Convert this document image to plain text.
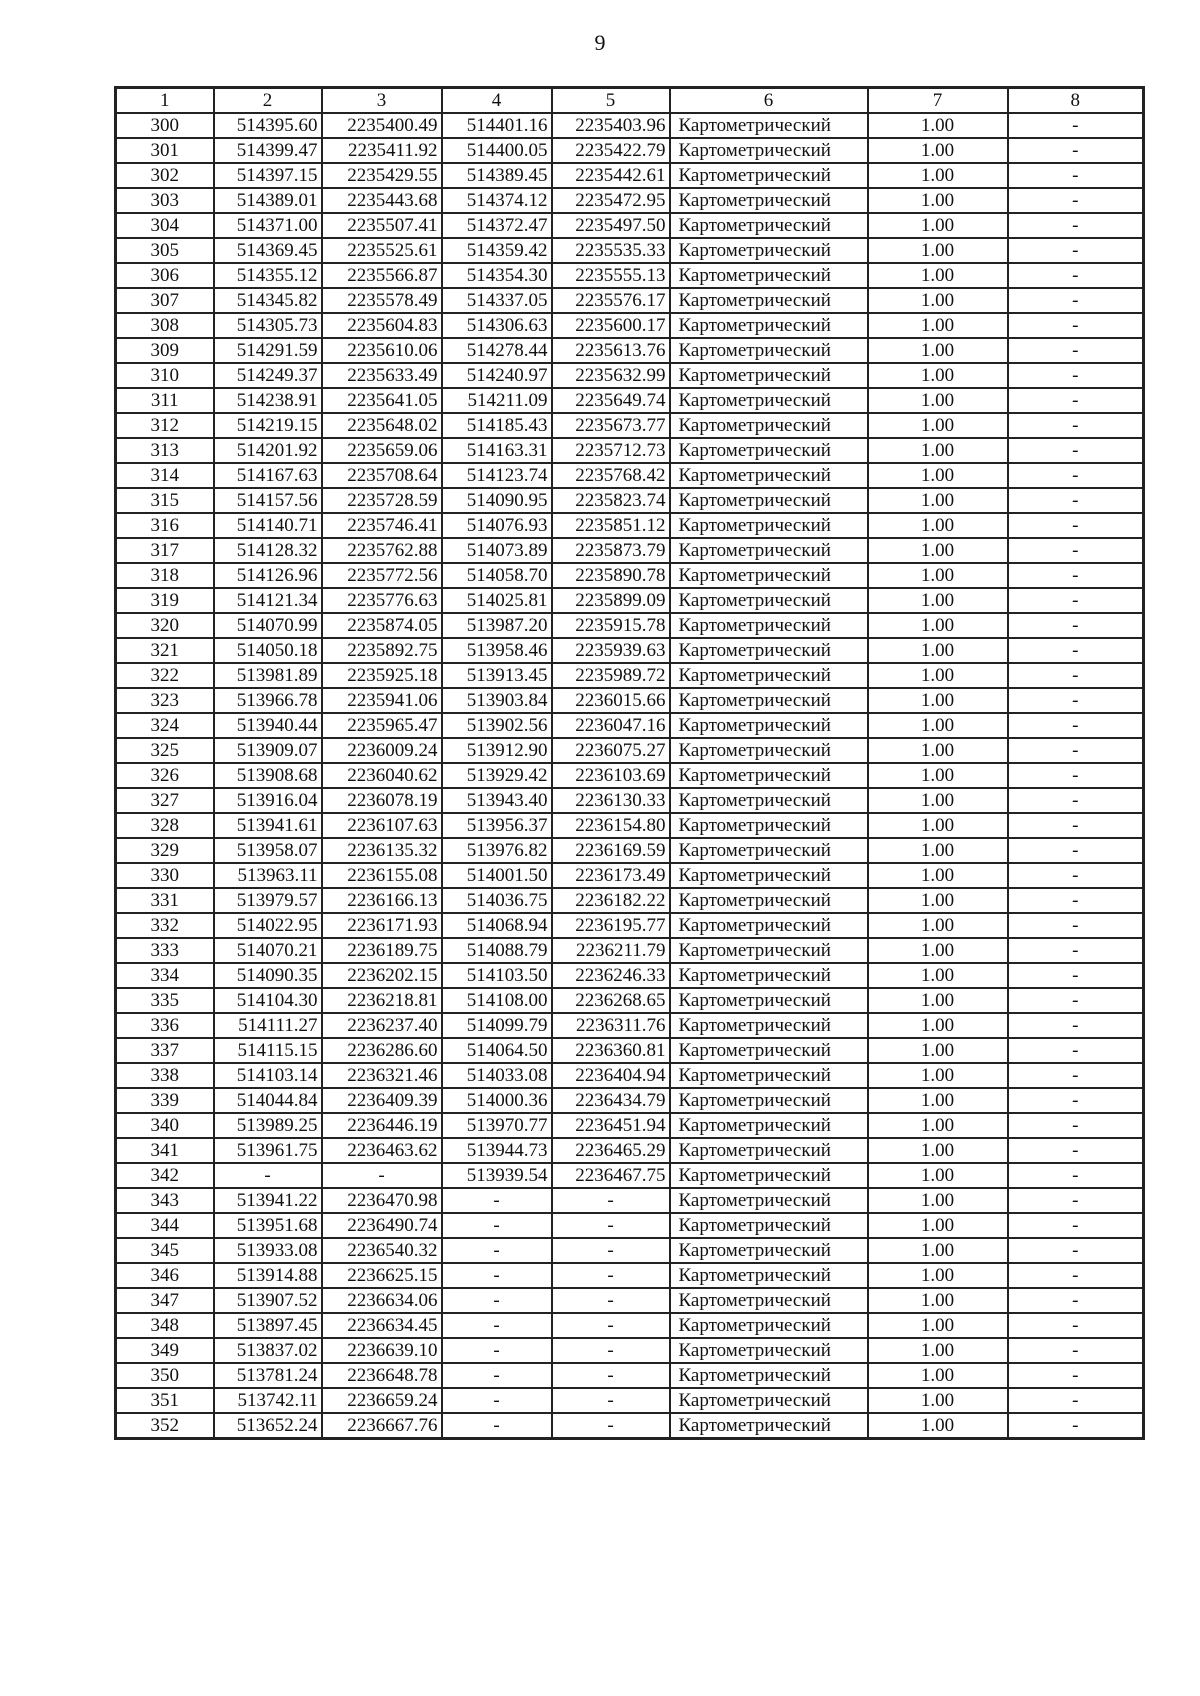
9
1	2	3	4	5	6	7	8
300	514395.60	2235400.49	514401.16	2235403.96	Картометрический	1.00	-
301	514399.47	2235411.92	514400.05	2235422.79	Картометрический	1.00	-
302	514397.15	2235429.55	514389.45	2235442.61	Картометрический	1.00	-
303	514389.01	2235443.68	514374.12	2235472.95	Картометрический	1.00	-
304	514371.00	2235507.41	514372.47	2235497.50	Картометрический	1.00	-
305	514369.45	2235525.61	514359.42	2235535.33	Картометрический	1.00	-
306	514355.12	2235566.87	514354.30	2235555.13	Картометрический	1.00	-
307	514345.82	2235578.49	514337.05	2235576.17	Картометрический	1.00	-
308	514305.73	2235604.83	514306.63	2235600.17	Картометрический	1.00	-
309	514291.59	2235610.06	514278.44	2235613.76	Картометрический	1.00	-
310	514249.37	2235633.49	514240.97	2235632.99	Картометрический	1.00	-
311	514238.91	2235641.05	514211.09	2235649.74	Картометрический	1.00	-
312	514219.15	2235648.02	514185.43	2235673.77	Картометрический	1.00	-
313	514201.92	2235659.06	514163.31	2235712.73	Картометрический	1.00	-
314	514167.63	2235708.64	514123.74	2235768.42	Картометрический	1.00	-
315	514157.56	2235728.59	514090.95	2235823.74	Картометрический	1.00	-
316	514140.71	2235746.41	514076.93	2235851.12	Картометрический	1.00	-
317	514128.32	2235762.88	514073.89	2235873.79	Картометрический	1.00	-
318	514126.96	2235772.56	514058.70	2235890.78	Картометрический	1.00	-
319	514121.34	2235776.63	514025.81	2235899.09	Картометрический	1.00	-
320	514070.99	2235874.05	513987.20	2235915.78	Картометрический	1.00	-
321	514050.18	2235892.75	513958.46	2235939.63	Картометрический	1.00	-
322	513981.89	2235925.18	513913.45	2235989.72	Картометрический	1.00	-
323	513966.78	2235941.06	513903.84	2236015.66	Картометрический	1.00	-
324	513940.44	2235965.47	513902.56	2236047.16	Картометрический	1.00	-
325	513909.07	2236009.24	513912.90	2236075.27	Картометрический	1.00	-
326	513908.68	2236040.62	513929.42	2236103.69	Картометрический	1.00	-
327	513916.04	2236078.19	513943.40	2236130.33	Картометрический	1.00	-
328	513941.61	2236107.63	513956.37	2236154.80	Картометрический	1.00	-
329	513958.07	2236135.32	513976.82	2236169.59	Картометрический	1.00	-
330	513963.11	2236155.08	514001.50	2236173.49	Картометрический	1.00	-
331	513979.57	2236166.13	514036.75	2236182.22	Картометрический	1.00	-
332	514022.95	2236171.93	514068.94	2236195.77	Картометрический	1.00	-
333	514070.21	2236189.75	514088.79	2236211.79	Картометрический	1.00	-
334	514090.35	2236202.15	514103.50	2236246.33	Картометрический	1.00	-
335	514104.30	2236218.81	514108.00	2236268.65	Картометрический	1.00	-
336	514111.27	2236237.40	514099.79	2236311.76	Картометрический	1.00	-
337	514115.15	2236286.60	514064.50	2236360.81	Картометрический	1.00	-
338	514103.14	2236321.46	514033.08	2236404.94	Картометрический	1.00	-
339	514044.84	2236409.39	514000.36	2236434.79	Картометрический	1.00	-
340	513989.25	2236446.19	513970.77	2236451.94	Картометрический	1.00	-
341	513961.75	2236463.62	513944.73	2236465.29	Картометрический	1.00	-
342	-	-	513939.54	2236467.75	Картометрический	1.00	-
343	513941.22	2236470.98	-	-	Картометрический	1.00	-
344	513951.68	2236490.74	-	-	Картометрический	1.00	-
345	513933.08	2236540.32	-	-	Картометрический	1.00	-
346	513914.88	2236625.15	-	-	Картометрический	1.00	-
347	513907.52	2236634.06	-	-	Картометрический	1.00	-
348	513897.45	2236634.45	-	-	Картометрический	1.00	-
349	513837.02	2236639.10	-	-	Картометрический	1.00	-
350	513781.24	2236648.78	-	-	Картометрический	1.00	-
351	513742.11	2236659.24	-	-	Картометрический	1.00	-
352	513652.24	2236667.76	-	-	Картометрический	1.00	-
